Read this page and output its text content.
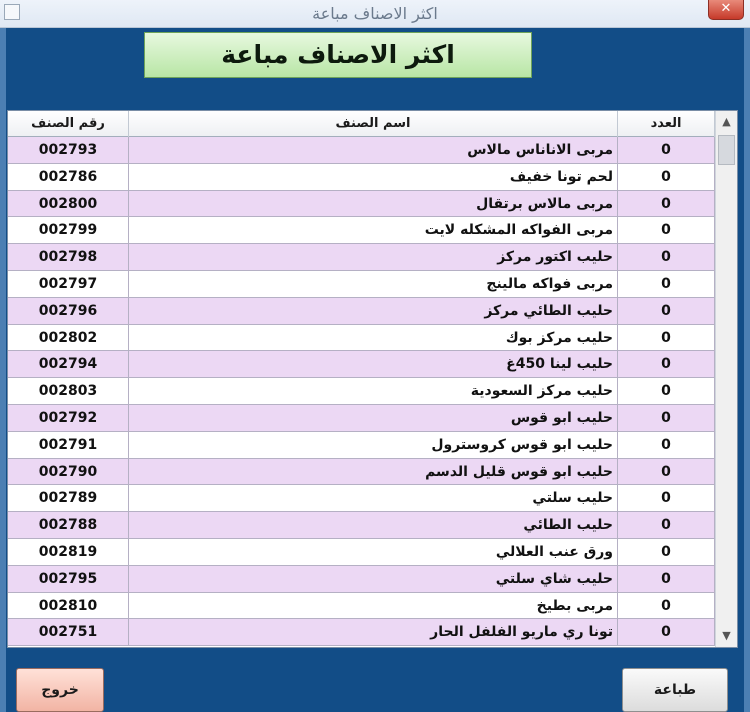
اكثر الاصناف مباعة	✕
اكثر الاصناف مباعة
رقم الصنف	اسم الصنف	العدد
002793	مربى الاناناس مالاس	0
002786	لحم تونا خفيف	0
002800	مربى مالاس برتقال	0
002799	مربى الفواكه المشكله لايت	0
002798	حليب اكتور مركز	0
002797	مربى فواكه مالينج	0
002796	حليب الطائي مركز	0
002802	حليب مركز بوك	0
002794	حليب لينا 450غ	0
002803	حليب مركز السعودية	0
002792	حليب ابو قوس	0
002791	حليب ابو قوس كروسترول	0
002790	حليب ابو قوس قليل الدسم	0
002789	حليب سلتي	0
002788	حليب الطائي	0
002819	ورق عنب العلالي	0
002795	حليب شاي سلتي	0
002810	مربى بطيخ	0
002751	تونا ري ماريو الفلفل الحار	0
▲
▼
خروج	طباعة
